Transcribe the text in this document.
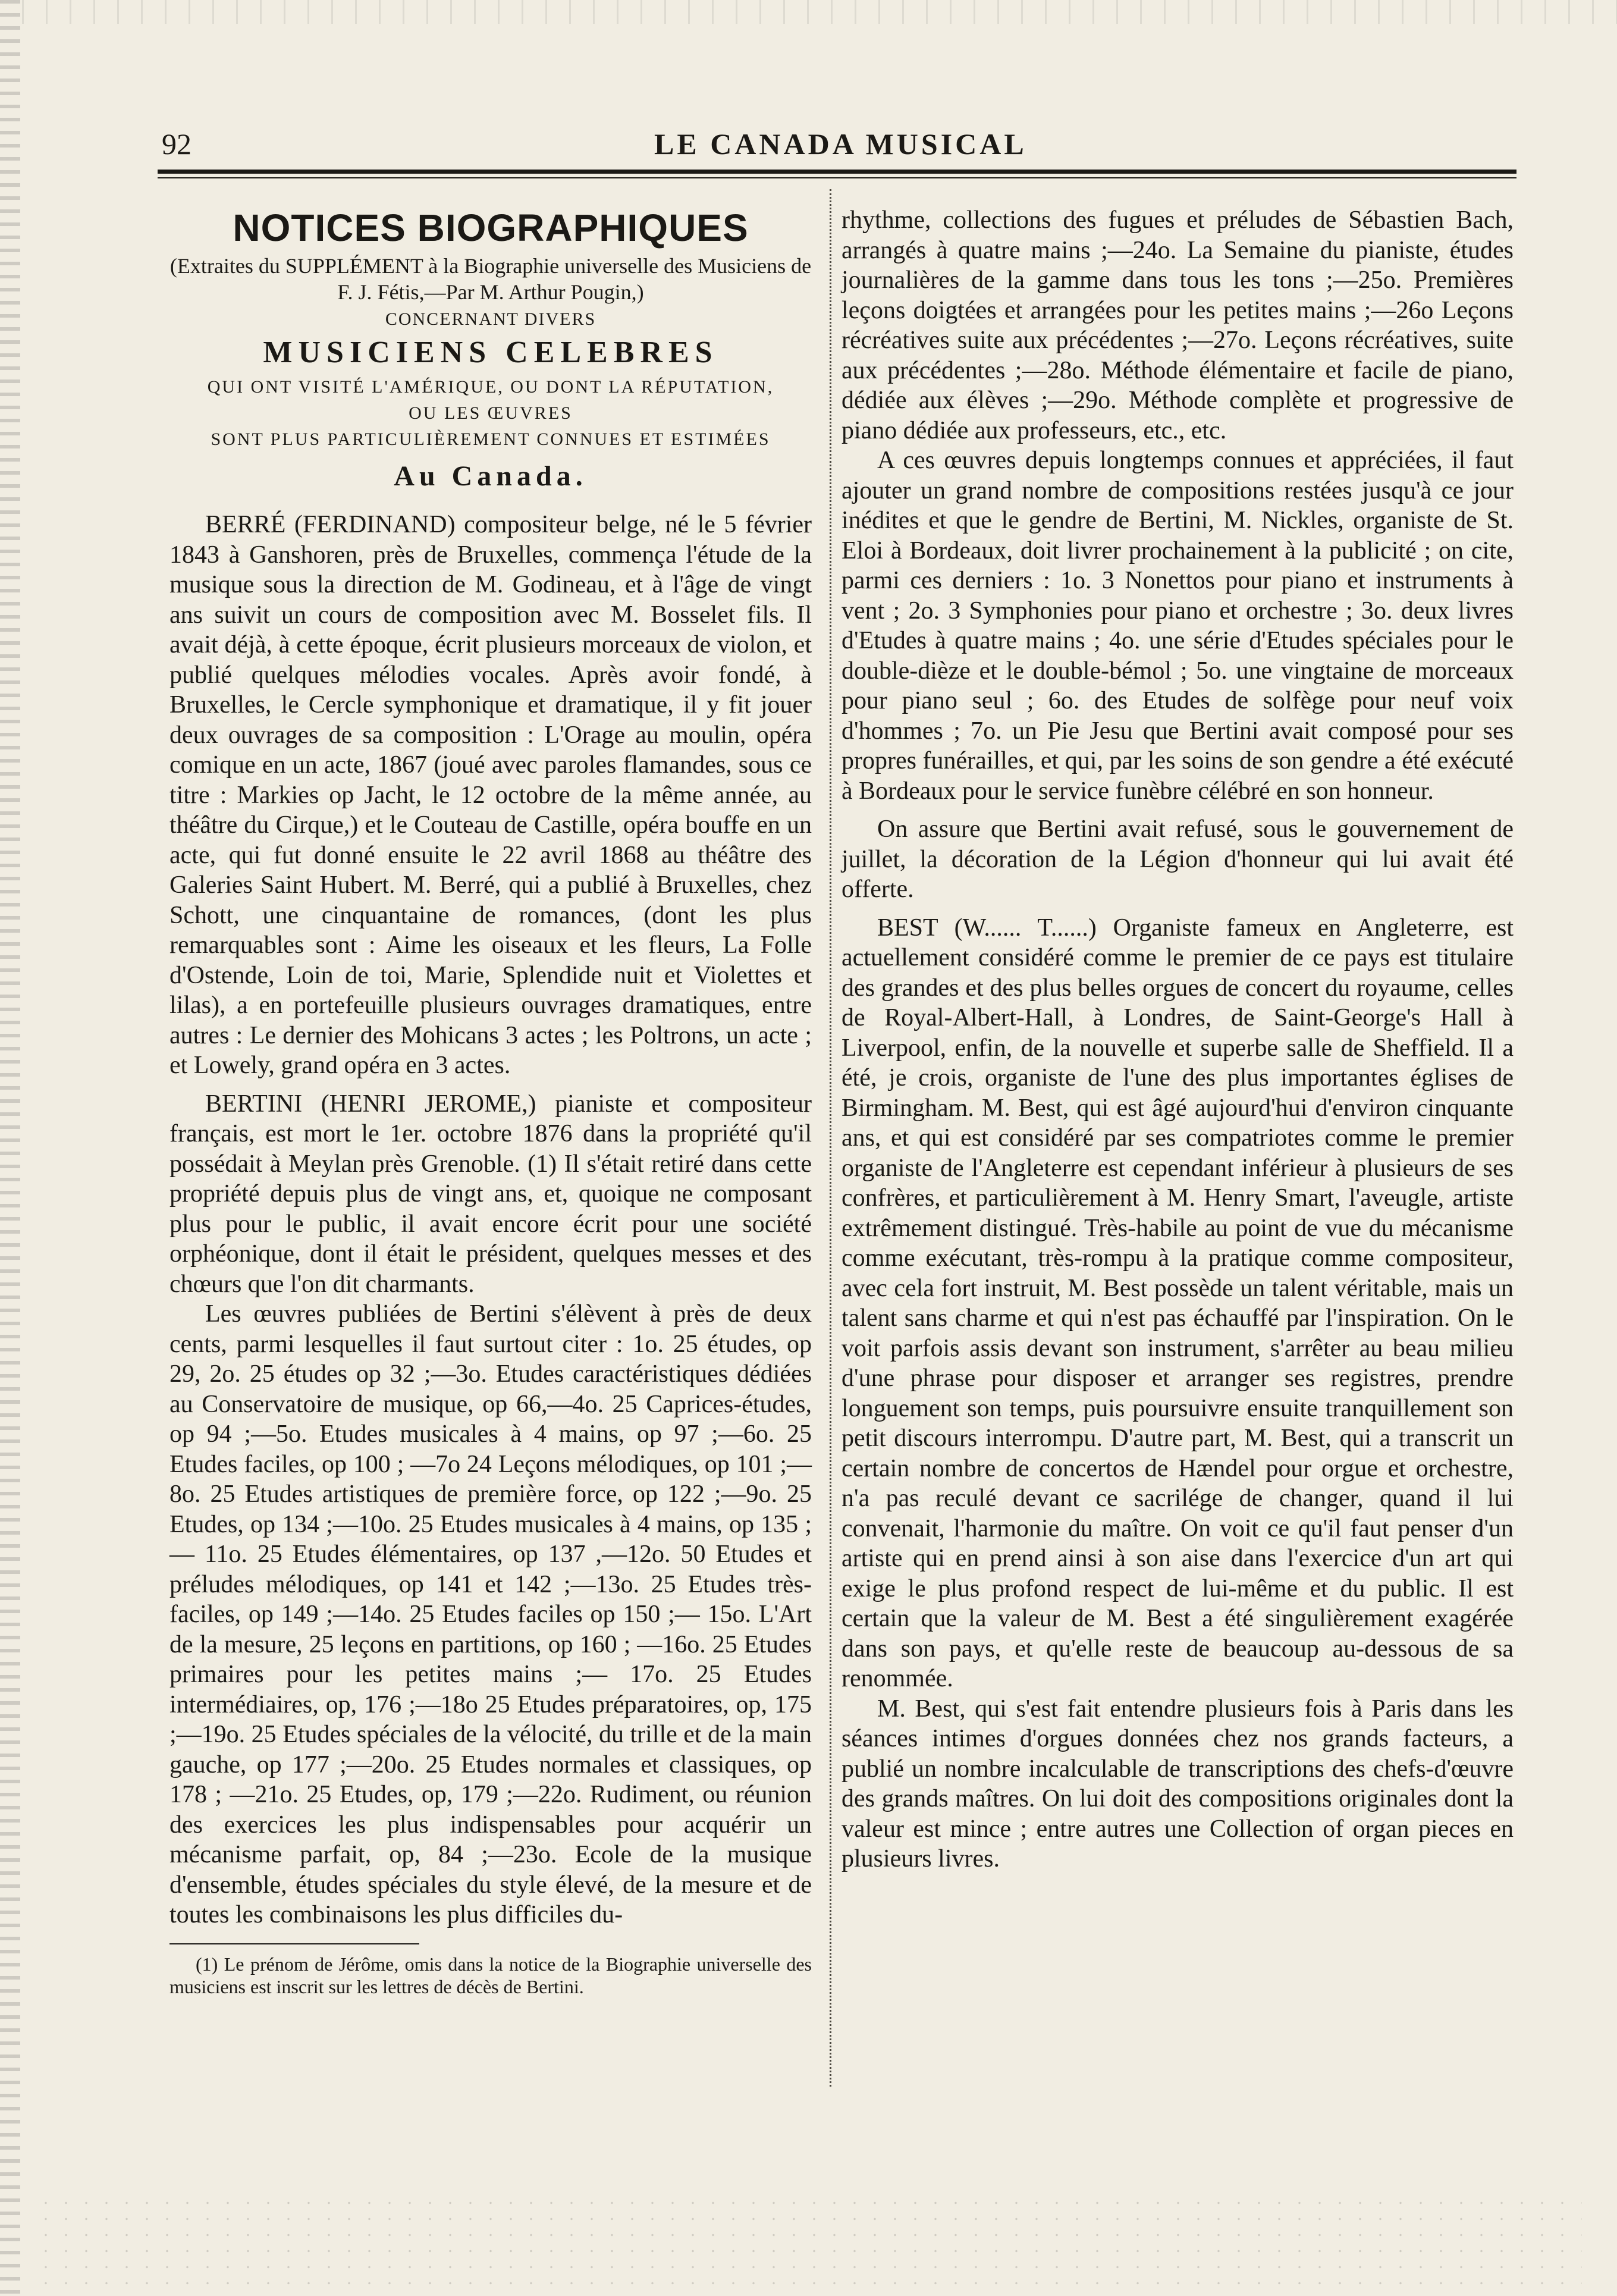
92	LE CANADA MUSICAL
NOTICES BIOGRAPHIQUES

(Extraites du SUPPLÉMENT à la Biographie universelle des Musiciens de F. J. Fétis,—Par M. Arthur Pougin,)

CONCERNANT DIVERS

MUSICIENS CELEBRES

QUI ONT VISITÉ L'AMÉRIQUE, OU DONT LA RÉPUTATION,

OU LES ŒUVRES

SONT PLUS PARTICULIÈREMENT CONNUES ET ESTIMÉES

Au Canada.

BERRÉ (FERDINAND) compositeur belge, né le 5 février 1843 à Ganshoren, près de Bruxelles, commença l'étude de la musique sous la direction de M. Godineau, et à l'âge de vingt ans suivit un cours de composition avec M. Bosselet fils. Il avait déjà, à cette époque, écrit plusieurs morceaux de violon, et publié quelques mélodies vocales. Après avoir fondé, à Bruxelles, le Cercle symphonique et dramatique, il y fit jouer deux ouvrages de sa composition : L'Orage au moulin, opéra comique en un acte, 1867 (joué avec paroles flamandes, sous ce titre : Markies op Jacht, le 12 octobre de la même année, au théâtre du Cirque,) et le Couteau de Castille, opéra bouffe en un acte, qui fut donné ensuite le 22 avril 1868 au théâtre des Galeries Saint Hubert. M. Berré, qui a publié à Bruxelles, chez Schott, une cinquantaine de romances, (dont les plus remarquables sont : Aime les oiseaux et les fleurs, La Folle d'Ostende, Loin de toi, Marie, Splendide nuit et Violettes et lilas), a en portefeuille plusieurs ouvrages dramatiques, entre autres : Le dernier des Mohicans 3 actes ; les Poltrons, un acte ; et Lowely, grand opéra en 3 actes.

BERTINI (HENRI JEROME,) pianiste et compositeur français, est mort le 1er. octobre 1876 dans la propriété qu'il possédait à Meylan près Grenoble. (1) Il s'était retiré dans cette propriété depuis plus de vingt ans, et, quoique ne composant plus pour le public, il avait encore écrit pour une société orphéonique, dont il était le président, quelques messes et des chœurs que l'on dit charmants.

Les œuvres publiées de Bertini s'élèvent à près de deux cents, parmi lesquelles il faut surtout citer : 1o. 25 études, op 29, 2o. 25 études op 32 ;—3o. Etudes caractéristiques dédiées au Conservatoire de musique, op 66,—4o. 25 Caprices-études, op 94 ;—5o. Etudes musicales à 4 mains, op 97 ;—6o. 25 Etudes faciles, op 100 ; —7o 24 Leçons mélodiques, op 101 ;—8o. 25 Etudes artistiques de première force, op 122 ;—9o. 25 Etudes, op 134 ;—10o. 25 Etudes musicales à 4 mains, op 135 ;— 11o. 25 Etudes élémentaires, op 137 ,—12o. 50 Etudes et préludes mélodiques, op 141 et 142 ;—13o. 25 Etudes très-faciles, op 149 ;—14o. 25 Etudes faciles op 150 ;— 15o. L'Art de la mesure, 25 leçons en partitions, op 160 ; —16o. 25 Etudes primaires pour les petites mains ;— 17o. 25 Etudes intermédiaires, op, 176 ;—18o 25 Etudes préparatoires, op, 175 ;—19o. 25 Etudes spéciales de la vélocité, du trille et de la main gauche, op 177 ;—20o. 25 Etudes normales et classiques, op 178 ; —21o. 25 Etudes, op, 179 ;—22o. Rudiment, ou réunion des exercices les plus indispensables pour acquérir un mécanisme parfait, op, 84 ;—23o. Ecole de la musique d'ensemble, études spéciales du style élevé, de la mesure et de toutes les combinaisons les plus difficiles du-

(1) Le prénom de Jérôme, omis dans la notice de la Biographie universelle des musiciens est inscrit sur les lettres de décès de Bertini.

rhythme, collections des fugues et préludes de Sébastien Bach, arrangés à quatre mains ;—24o. La Semaine du pianiste, études journalières de la gamme dans tous les tons ;—25o. Premières leçons doigtées et arrangées pour les petites mains ;—26o Leçons récréatives suite aux précédentes ;—27o. Leçons récréatives, suite aux précédentes ;—28o. Méthode élémentaire et facile de piano, dédiée aux élèves ;—29o. Méthode complète et progressive de piano dédiée aux professeurs, etc., etc.

A ces œuvres depuis longtemps connues et appréciées, il faut ajouter un grand nombre de compositions restées jusqu'à ce jour inédites et que le gendre de Bertini, M. Nickles, organiste de St. Eloi à Bordeaux, doit livrer prochainement à la publicité ; on cite, parmi ces derniers : 1o. 3 Nonettos pour piano et instruments à vent ; 2o. 3 Symphonies pour piano et orchestre ; 3o. deux livres d'Etudes à quatre mains ; 4o. une série d'Etudes spéciales pour le double-dièze et le double-bémol ; 5o. une vingtaine de morceaux pour piano seul ; 6o. des Etudes de solfège pour neuf voix d'hommes ; 7o. un Pie Jesu que Bertini avait composé pour ses propres funérailles, et qui, par les soins de son gendre a été exécuté à Bordeaux pour le service funèbre célébré en son honneur.

On assure que Bertini avait refusé, sous le gouvernement de juillet, la décoration de la Légion d'honneur qui lui avait été offerte.

BEST (W...... T......) Organiste fameux en Angleterre, est actuellement considéré comme le premier de ce pays est titulaire des grandes et des plus belles orgues de concert du royaume, celles de Royal-Albert-Hall, à Londres, de Saint-George's Hall à Liverpool, enfin, de la nouvelle et superbe salle de Sheffield. Il a été, je crois, organiste de l'une des plus importantes églises de Birmingham. M. Best, qui est âgé aujourd'hui d'environ cinquante ans, et qui est considéré par ses compatriotes comme le premier organiste de l'Angleterre est cependant inférieur à plusieurs de ses confrères, et particulièrement à M. Henry Smart, l'aveugle, artiste extrêmement distingué. Très-habile au point de vue du mécanisme comme exécutant, très-rompu à la pratique comme compositeur, avec cela fort instruit, M. Best possède un talent véritable, mais un talent sans charme et qui n'est pas échauffé par l'inspiration. On le voit parfois assis devant son instrument, s'arrêter au beau milieu d'une phrase pour disposer et arranger ses registres, prendre longuement son temps, puis poursuivre ensuite tranquillement son petit discours interrompu. D'autre part, M. Best, qui a transcrit un certain nombre de concertos de Hændel pour orgue et orchestre, n'a pas reculé devant ce sacrilége de changer, quand il lui convenait, l'harmonie du maître. On voit ce qu'il faut penser d'un artiste qui en prend ainsi à son aise dans l'exercice d'un art qui exige le plus profond respect de lui-même et du public. Il est certain que la valeur de M. Best a été singulièrement exagérée dans son pays, et qu'elle reste de beaucoup au-dessous de sa renommée.

M. Best, qui s'est fait entendre plusieurs fois à Paris dans les séances intimes d'orgues données chez nos grands facteurs, a publié un nombre incalculable de transcriptions des chefs-d'œuvre des grands maîtres. On lui doit des compositions originales dont la valeur est mince ; entre autres une Collection of organ pieces en plusieurs livres.
